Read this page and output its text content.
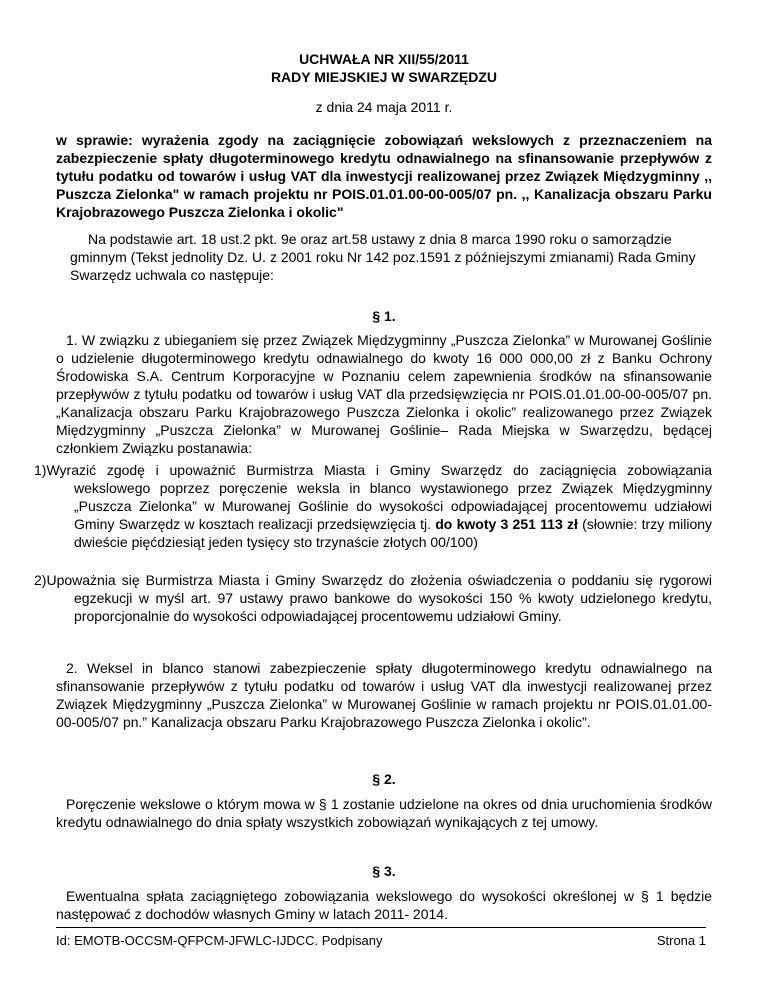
UCHWAŁA NR XII/55/2011
RADY MIEJSKIEJ W SWARZĘDZU
z dnia 24 maja 2011 r.
w sprawie: wyrażenia zgody na zaciągnięcie zobowiązań wekslowych z przeznaczeniem na zabezpieczenie spłaty długoterminowego kredytu odnawialnego na sfinansowanie przepływów z tytułu podatku od towarów i usług VAT dla inwestycji realizowanej przez Związek Międzygminny ,, Puszcza Zielonka" w ramach projektu nr POIS.01.01.00-00-005/07 pn. ,, Kanalizacja obszaru Parku Krajobrazowego Puszcza Zielonka i okolic"
Na podstawie art. 18 ust.2 pkt. 9e oraz art.58 ustawy z dnia 8 marca 1990 roku o samorządzie gminnym (Tekst jednolity Dz. U. z 2001 roku Nr 142 poz.1591 z późniejszymi zmianami) Rada Gminy Swarzędz uchwala co następuje:
§ 1.
1. W związku z ubieganiem się przez Związek Międzygminny „Puszcza Zielonka” w Murowanej Goślinie o udzielenie długoterminowego kredytu odnawialnego do kwoty 16 000 000,00 zł z Banku Ochrony Środowiska S.A. Centrum Korporacyjne w Poznaniu celem zapewnienia środków na sfinansowanie przepływów z tytułu podatku od towarów i usług VAT dla przedsięwzięcia nr POIS.01.01.00-00-005/07 pn. „Kanalizacja obszaru Parku Krajobrazowego Puszcza Zielonka i okolic” realizowanego przez Związek Międzygminny „Puszcza Zielonka” w Murowanej Goślinie– Rada Miejska w Swarzędzu, będącej członkiem Związku postanawia:
1)Wyrazić zgodę i upoważnić Burmistrza Miasta i Gminy Swarzędz do zaciągnięcia zobowiązania wekslowego poprzez poręczenie weksla in blanco wystawionego przez Związek Międzygminny „Puszcza Zielonka” w Murowanej Goślinie do wysokości odpowiadającej procentowemu udziałowi Gminy Swarzędz w kosztach realizacji przedsięwzięcia tj. do kwoty 3 251 113 zł (słownie: trzy miliony dwieście pięćdziesiąt jeden tysięcy sto trzynaście złotych 00/100)
2)Upoważnia się Burmistrza Miasta i Gminy Swarzędz do złożenia oświadczenia o poddaniu się rygorowi egzekucji w myśl art. 97 ustawy prawo bankowe do wysokości 150 % kwoty udzielonego kredytu, proporcjonalnie do wysokości odpowiadającej procentowemu udziałowi Gminy.
2. Weksel in blanco stanowi zabezpieczenie spłaty długoterminowego kredytu odnawialnego na sfinansowanie przepływów z tytułu podatku od towarów i usług VAT dla inwestycji realizowanej przez Związek Międzygminny „Puszcza Zielonka” w Murowanej Goślinie w ramach projektu nr POIS.01.01.00-00-005/07 pn.” Kanalizacja obszaru Parku Krajobrazowego Puszcza Zielonka i okolic”.
§ 2.
Poręczenie wekslowe o którym mowa w § 1 zostanie udzielone na okres od dnia uruchomienia środków kredytu odnawialnego do dnia spłaty wszystkich zobowiązań wynikających z tej umowy.
§ 3.
Ewentualna spłata zaciągniętego zobowiązania wekslowego do wysokości określonej w § 1 będzie następować z dochodów własnych Gminy w latach 2011- 2014.
Id: EMOTB-OCCSM-QFPCM-JFWLC-IJDCC. Podpisany	Strona 1
